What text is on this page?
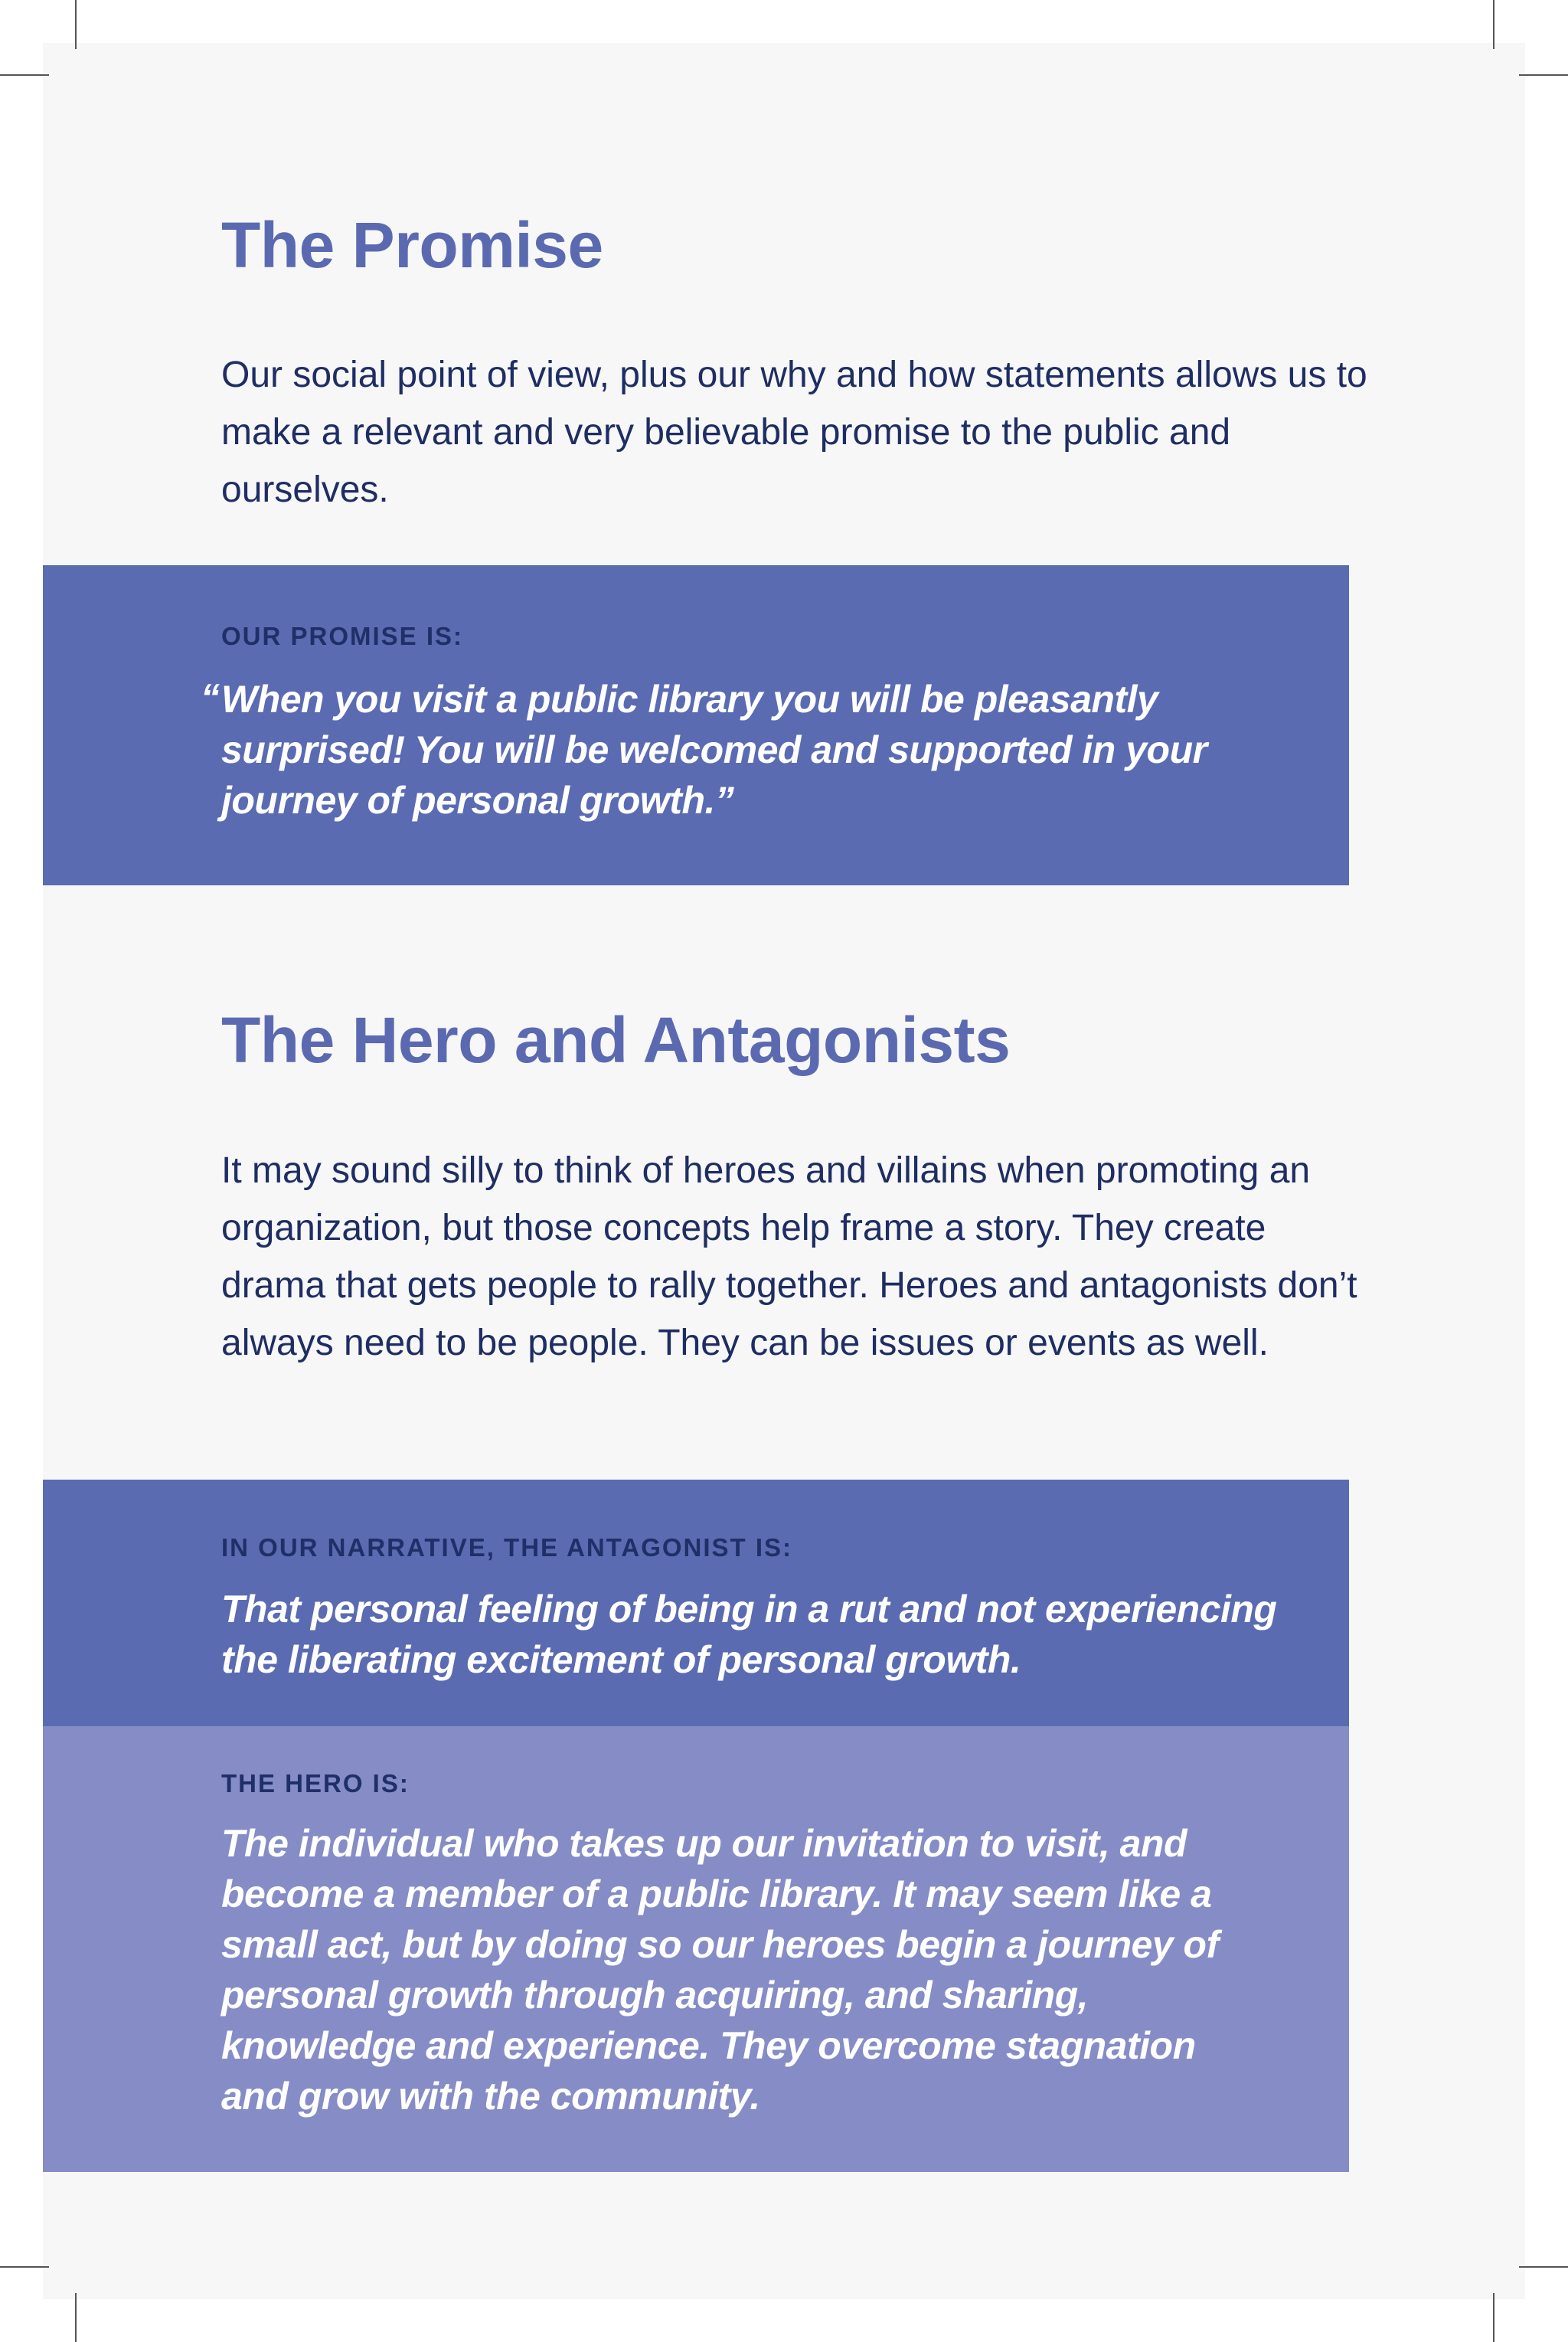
The Promise

Our social point of view, plus our why and how statements allows us to make a relevant and very believable promise to the public and ourselves.

OUR PROMISE IS:

When you visit a public library you will be pleasantly surprised! You will be welcomed and supported in your journey of personal growth.”

“
The Hero and Antagonists

It may sound silly to think of heroes and villains when promoting an organization, but those concepts help frame a story. They create drama that gets people to rally together. Heroes and antagonists don’t always need to be people. They can be issues or events as well.

IN OUR NARRATIVE, THE ANTAGONIST IS:

That personal feeling of being in a rut and not experiencing the liberating excitement of personal growth.

THE HERO IS:

The individual who takes up our invitation to visit, and become a member of a public library. It may seem like a small act, but by doing so our heroes begin a journey of personal growth through acquiring, and sharing, knowledge and experience. They overcome stagnation and grow with the community.
